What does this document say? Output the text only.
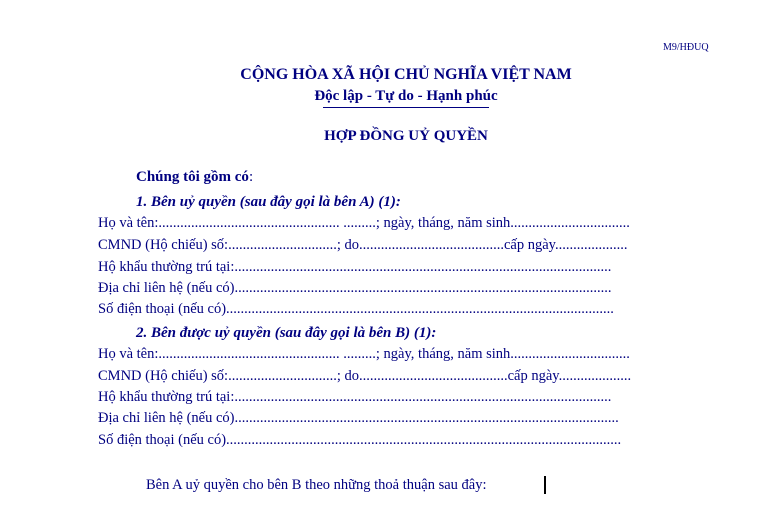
M9/HĐUQ
CỘNG HÒA XÃ HỘI CHỦ NGHĨA VIỆT NAM
Độc lập - Tự do - Hạnh phúc
HỢP ĐỒNG UỶ QUYỀN
Chúng tôi gồm có:
1. Bên uỷ quyền (sau đây gọi là bên A) (1):
Họ và tên:.................................................. .........; ngày, tháng, năm sinh.................................
CMND (Hộ chiếu) số:..............................; do........................................cấp ngày....................
Hộ khẩu thường trú tại:........................................................................................................
Địa chỉ liên hệ (nếu có)........................................................................................................
Số điện thoại (nếu có)...........................................................................................................
2. Bên được uỷ quyền (sau đây gọi là bên B) (1):
Họ và tên:.................................................. .........; ngày, tháng, năm sinh.................................
CMND (Hộ chiếu) số:..............................; do.........................................cấp ngày....................
Hộ khẩu thường trú tại:........................................................................................................
Địa chỉ liên hệ (nếu có)..........................................................................................................
Số điện thoại (nếu có).............................................................................................................
Bên A uỷ quyền cho bên B theo những thoả thuận sau đây:
